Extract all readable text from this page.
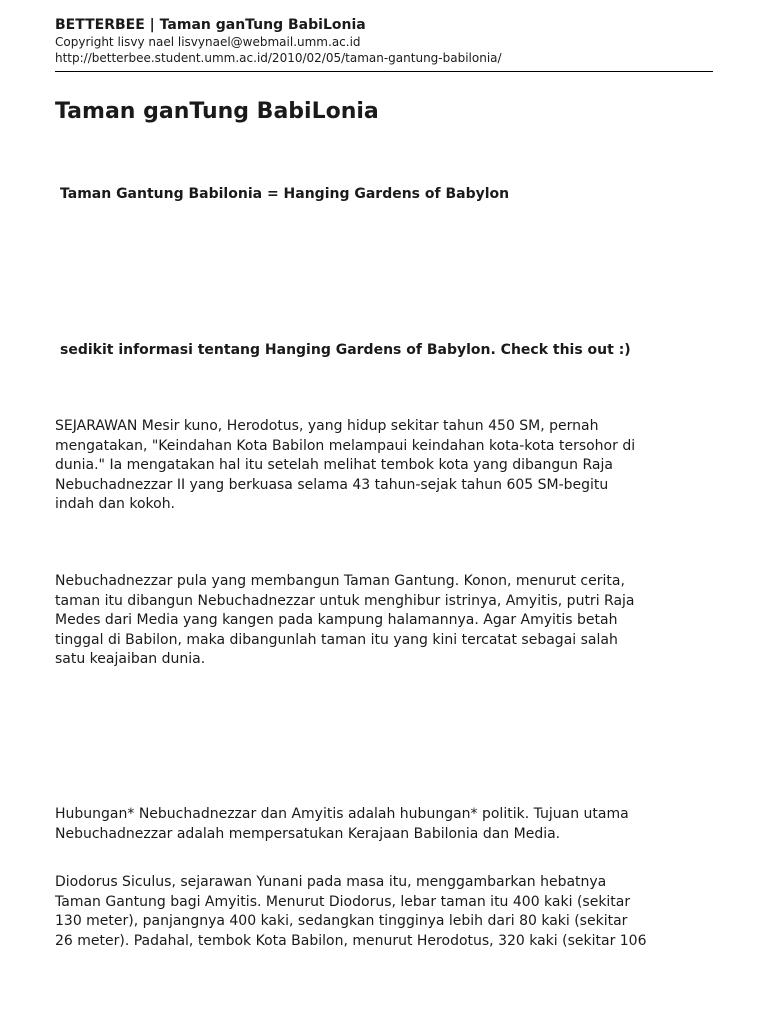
BETTERBEE | Taman ganTung BabiLonia

Copyright lisvy nael lisvynael@webmail.umm.ac.id

http://betterbee.student.umm.ac.id/2010/02/05/taman-gantung-babilonia/

Taman ganTung BabiLonia
Taman Gantung Babilonia = Hanging Gardens of Babylon
sedikit informasi tentang Hanging Gardens of Babylon. Check this out :)
SEJARAWAN Mesir kuno, Herodotus, yang hidup sekitar tahun 450 SM, pernah
mengatakan, "Keindahan Kota Babilon melampaui keindahan kota-kota tersohor di
dunia." Ia mengatakan hal itu setelah melihat tembok kota yang dibangun Raja
Nebuchadnezzar II yang berkuasa selama 43 tahun-sejak tahun 605 SM-begitu
indah dan kokoh.
Nebuchadnezzar pula yang membangun Taman Gantung. Konon, menurut cerita,
taman itu dibangun Nebuchadnezzar untuk menghibur istrinya, Amyitis, putri Raja
Medes dari Media yang kangen pada kampung halamannya. Agar Amyitis betah
tinggal di Babilon, maka dibangunlah taman itu yang kini tercatat sebagai salah
satu keajaiban dunia.
Hubungan* Nebuchadnezzar dan Amyitis adalah hubungan* politik. Tujuan utama
Nebuchadnezzar adalah mempersatukan Kerajaan Babilonia dan Media.
Diodorus Siculus, sejarawan Yunani pada masa itu, menggambarkan hebatnya
Taman Gantung bagi Amyitis. Menurut Diodorus, lebar taman itu 400 kaki (sekitar
130 meter), panjangnya 400 kaki, sedangkan tingginya lebih dari 80 kaki (sekitar
26 meter). Padahal, tembok Kota Babilon, menurut Herodotus, 320 kaki (sekitar 106
